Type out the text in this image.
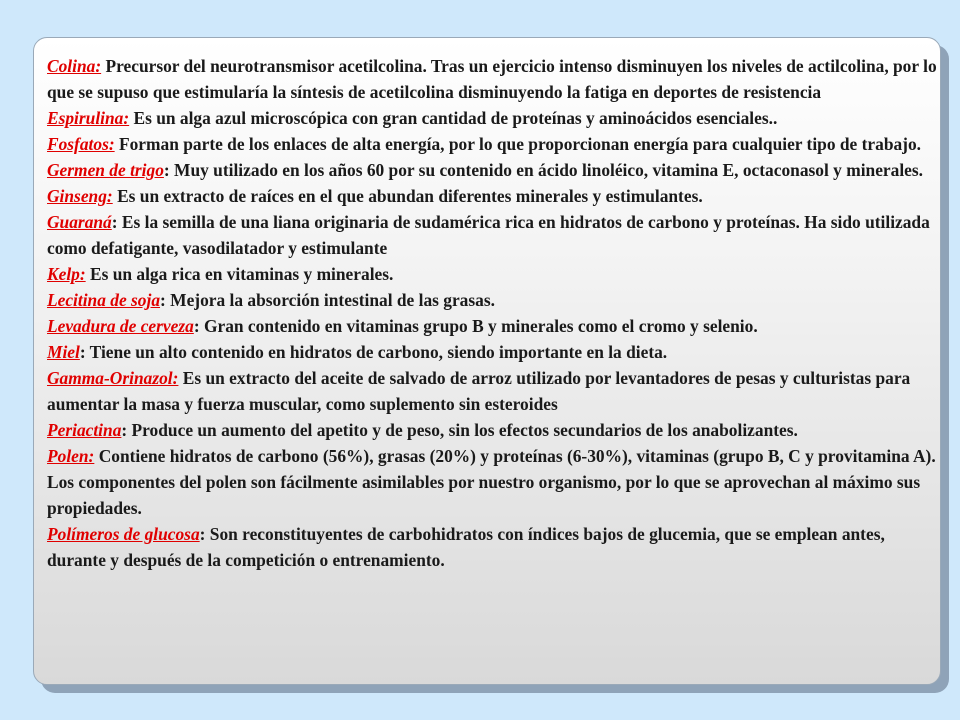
Colina: Precursor del neurotransmisor acetilcolina. Tras un ejercicio intenso disminuyen los niveles de actilcolina, por lo que se supuso que estimularía la síntesis de acetilcolina disminuyendo la fatiga en deportes de resistencia

Espirulina: Es un alga azul microscópica con gran cantidad de proteínas y aminoácidos esenciales..

Fosfatos: Forman parte de los enlaces de alta energía, por lo que proporcionan energía para cualquier tipo de trabajo.

Germen de trigo: Muy utilizado en los años 60 por su contenido en ácido linoléico, vitamina E, octaconasol y minerales.

Ginseng: Es un extracto de raíces en el que abundan diferentes minerales y estimulantes.

Guaraná: Es la semilla de una liana originaria de sudamérica rica en hidratos de carbono y proteínas. Ha sido utilizada como defatigante, vasodilatador y estimulante

Kelp: Es un alga rica en vitaminas y minerales.

Lecitina de soja: Mejora la absorción intestinal de las grasas.

Levadura de cerveza: Gran contenido en vitaminas grupo B y minerales como el cromo y selenio.

Miel: Tiene un alto contenido en hidratos de carbono, siendo importante en la dieta.

Gamma-Orinazol: Es un extracto del aceite de salvado de arroz utilizado por levantadores de pesas y culturistas para aumentar la masa y fuerza muscular, como suplemento sin esteroides

Periactina: Produce un aumento del apetito y de peso, sin los efectos secundarios de los anabolizantes.

Polen: Contiene hidratos de carbono (56%), grasas (20%) y proteínas (6-30%), vitaminas (grupo B, C y provitamina A). Los componentes del polen son fácilmente asimilables por nuestro organismo, por lo que se aprovechan al máximo sus propiedades.

Polímeros de glucosa: Son reconstituyentes de carbohidratos con índices bajos de glucemia, que se emplean antes, durante y después de la competición o entrenamiento.
